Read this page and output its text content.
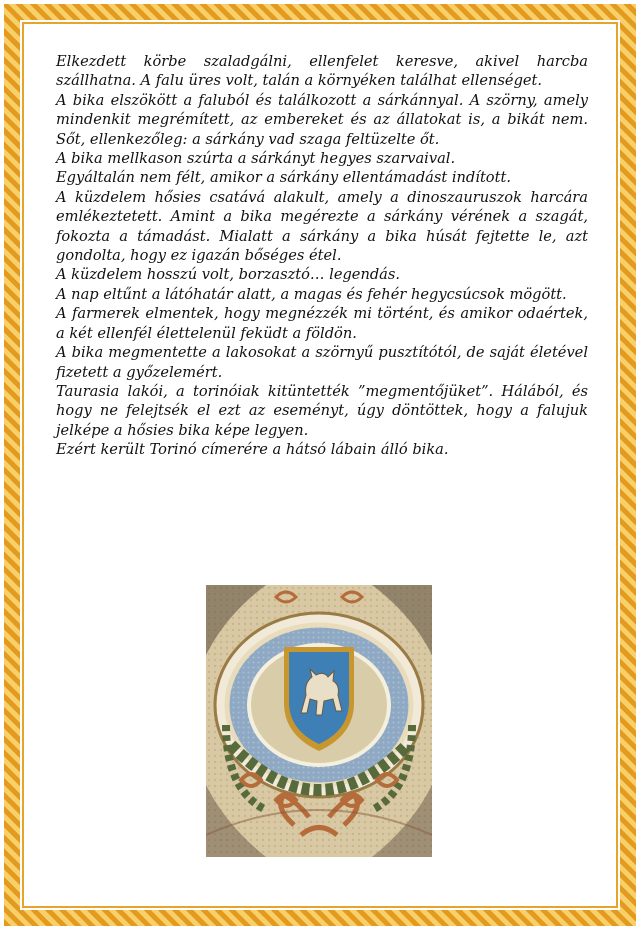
Elkezdett körbe szaladgálni, ellenfelet keresve, akivel harcba szállhatna. A falu üres volt, talán a környéken találhat ellenséget.

A bika elszökött a faluból és találkozott a sárkánnyal. A szörny, amely mindenkit megrémített, az embereket és az állatokat is, a bikát nem. Sőt, ellenkezőleg: a sárkány vad szaga feltüzelte őt.

A bika mellkason szúrta a sárkányt hegyes szarvaival.

Egyáltalán nem félt, amikor a sárkány ellentámadást indított.

A küzdelem hősies csatává alakult, amely a dinoszauruszok harcára emlékeztetett. Amint a bika megérezte a sárkány vérének a szagát, fokozta a támadást. Mialatt a sárkány a bika húsát fejtette le, azt gondolta, hogy ez igazán bőséges étel.

A küzdelem hosszú volt, borzasztó… legendás.

A nap eltűnt a látóhatár alatt, a magas és fehér hegycsúcsok mögött.

A farmerek elmentek, hogy megnézzék mi történt, és amikor odaértek, a két ellenfél élettelenül feküdt a földön.

A bika megmentette a lakosokat a szörnyű pusztítótól, de saját életével fizetett a győzelemért.

Taurasia lakói, a torinóiak kitüntették ”megmentőjüket”. Hálából, és hogy ne felejtsék el ezt az eseményt, úgy döntöttek, hogy a falujuk jelképe a hősies bika képe legyen.

Ezért került Torinó címerére a hátsó lábain álló bika.
